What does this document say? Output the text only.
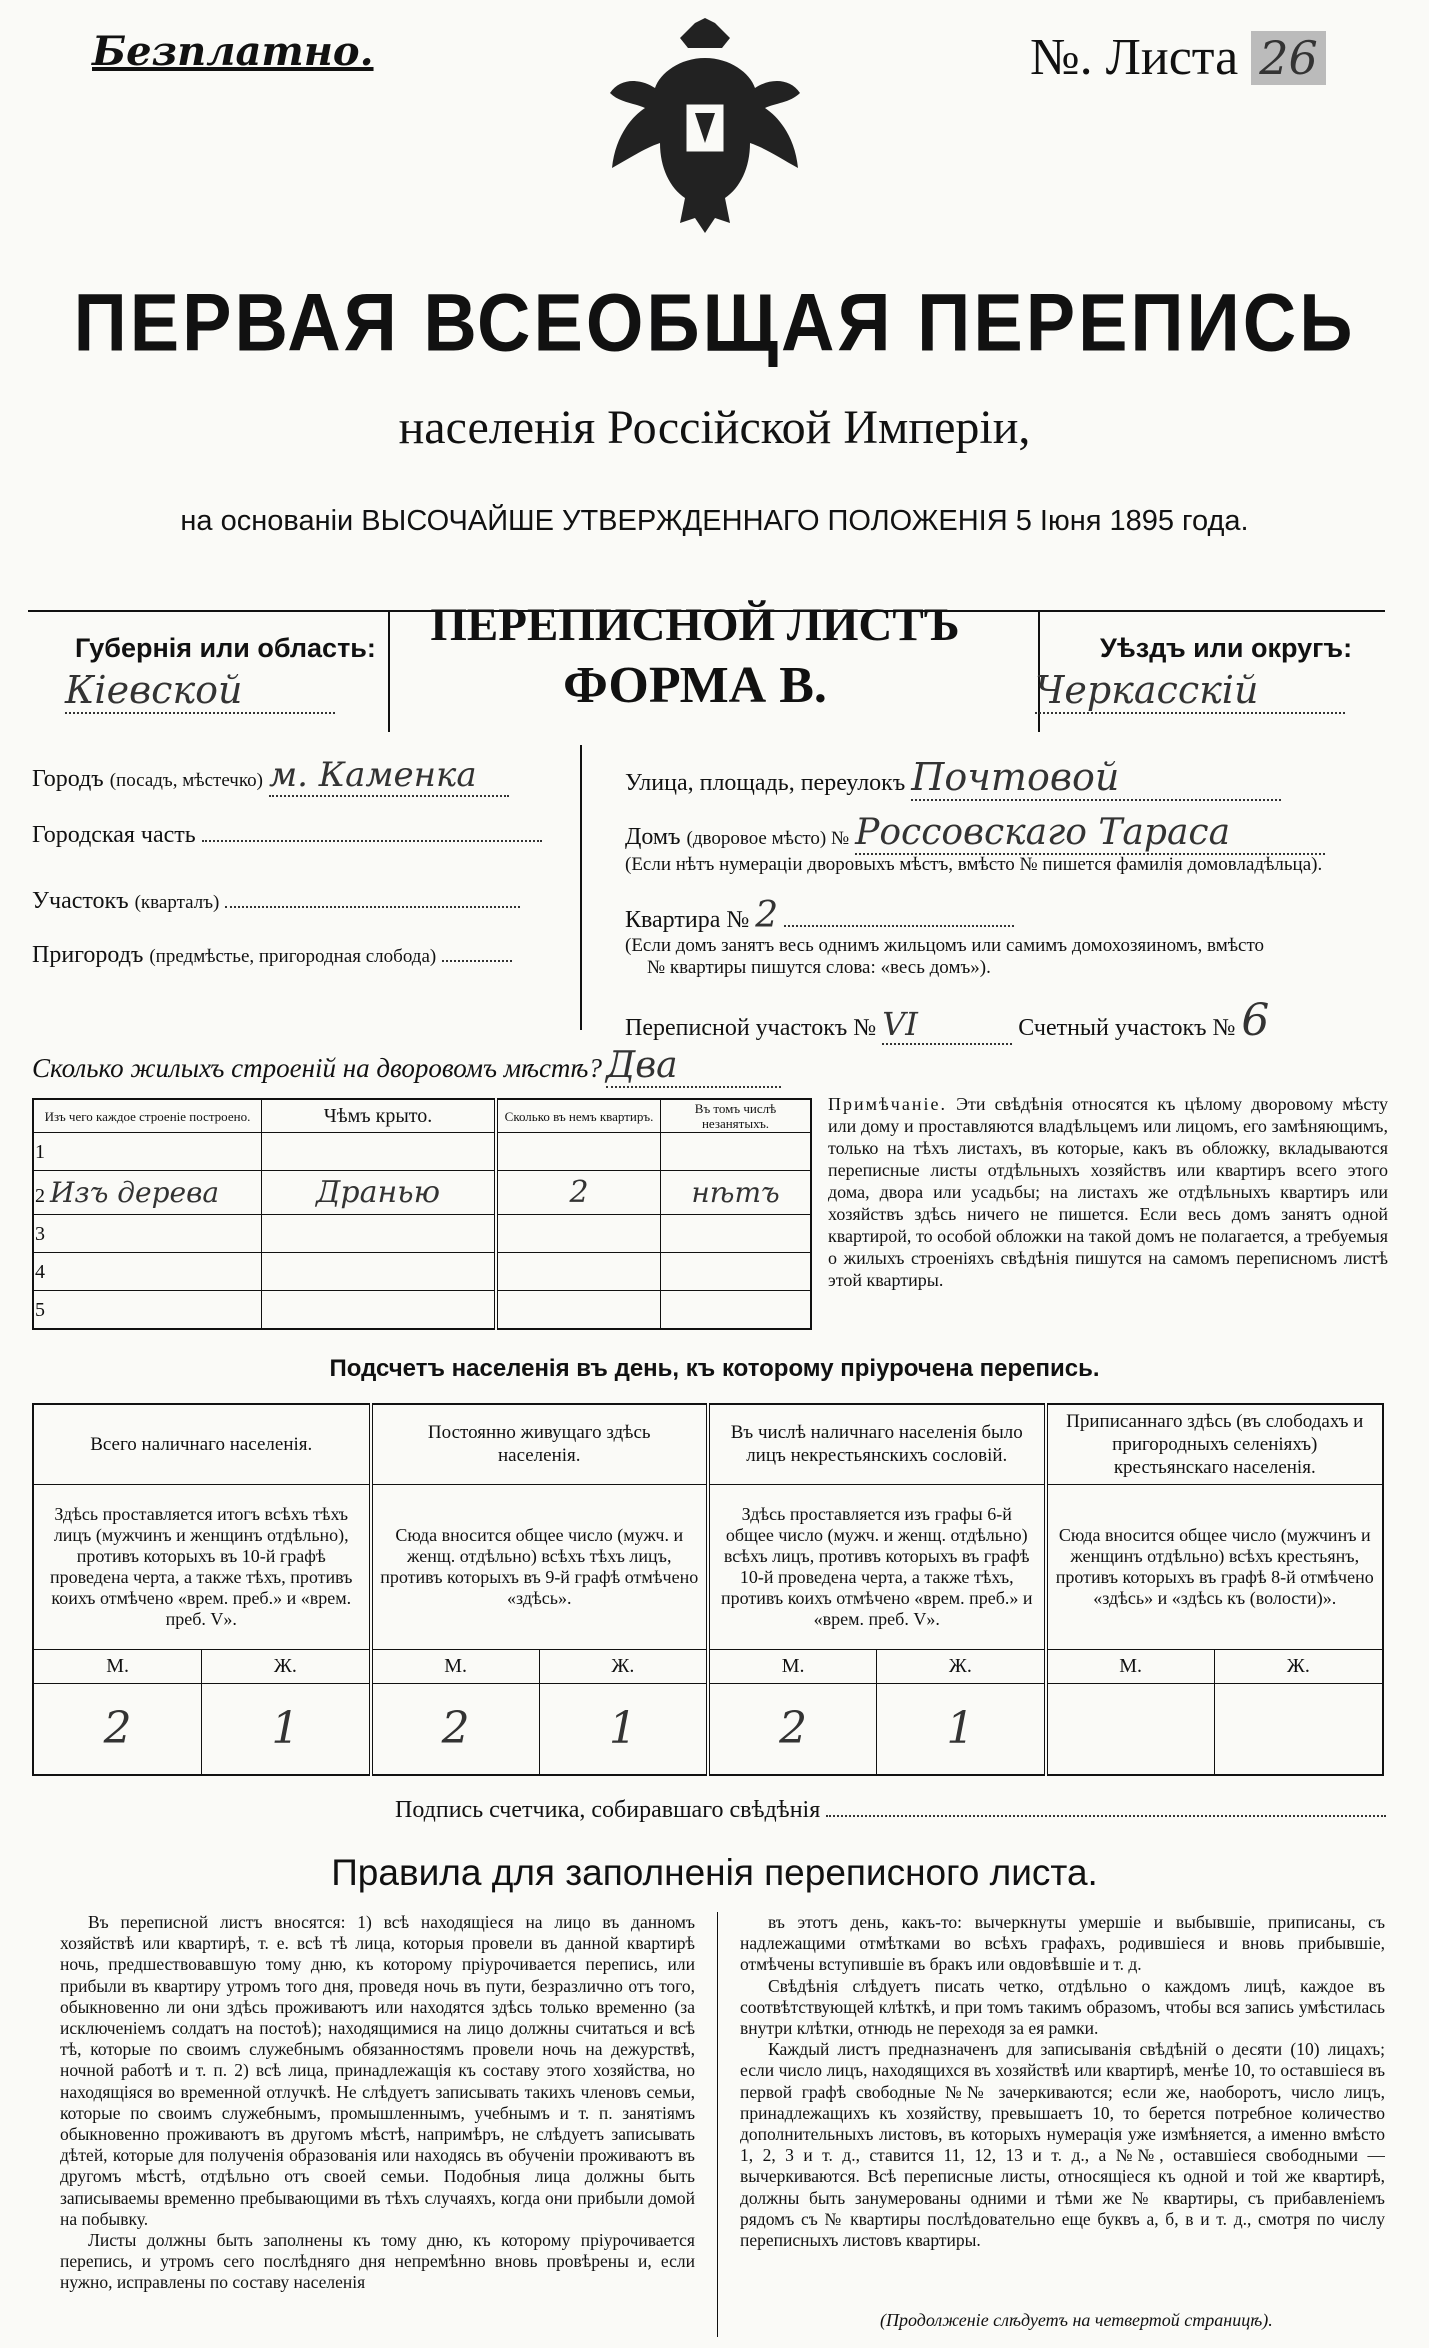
Безплатно.	№. Листа 26
ПЕРВАЯ ВСЕОБЩАЯ ПЕРЕПИСЬ
населенія Россійской Имперіи,
на основаніи ВЫСОЧАЙШЕ УТВЕРЖДЕННАГО ПОЛОЖЕНІЯ 5 Іюня 1895 года.
Губернія или область:
Кіевской
ПЕРЕПИСНОЙ ЛИСТЪ
ФОРМА В.
Уѣздъ или округъ:
Черкасскій
Городъ (посадъ, мѣстечко) м. Каменка
Городская часть
Участокъ (кварталъ)
Пригородъ (предмѣстье, пригородная слобода)
Улица, площадь, переулокъ Почтовой
Домъ (дворовое мѣсто) № Россовскаго Тараса
(Если нѣтъ нумераціи дворовыхъ мѣстъ, вмѣсто № пишется фамилія домовладѣльца).
Квартира № 2
(Если домъ занятъ весь однимъ жильцомъ или самимъ домохозяиномъ, вмѣсто
№ квартиры пишутся слова: «весь домъ»).
Переписной участокъ № VI	Счетный участокъ № 6
Сколько жилыхъ строеній на дворовомъ мѣстѣ? Два
Изъ чего каждое строеніе построено.	Чѣмъ крыто.	Сколько въ немъ квартиръ.	Въ томъ числѣ незанятыхъ.
1			
2 Изъ дерева	Дранью	2	нѣтъ
3			
4			
5			
Примѣчаніе. Эти свѣдѣнія относятся къ цѣлому дворовому мѣсту или дому и проставляются владѣльцемъ или лицомъ, его замѣняющимъ, только на тѣхъ листахъ, въ которые, какъ въ обложку, вкладываются переписные листы отдѣльныхъ хозяйствъ или квартиръ всего этого дома, двора или усадьбы; на листахъ же отдѣльныхъ квартиръ или хозяйствъ здѣсь ничего не пишется. Если весь домъ занятъ одной квартирой, то особой обложки на такой домъ не полагается, а требуемыя о жилыхъ строеніяхъ свѣдѣнія пишутся на самомъ переписномъ листѣ этой квартиры.
Подсчетъ населенія въ день, къ которому пріурочена перепись.
Всего наличнаго населенія.		Постоянно живущаго здѣсь населенія.		Въ числѣ наличнаго населенія было лицъ некрестьянскихъ сословій.		Приписаннаго здѣсь (въ слободахъ и пригородныхъ селеніяхъ) крестьянскаго населенія.	
Здѣсь проставляется итогъ всѣхъ тѣхъ лицъ (мужчинъ и женщинъ отдѣльно), противъ которыхъ въ 10-й графѣ проведена черта, а также тѣхъ, противъ коихъ отмѣчено «врем. преб.» и «врем. преб. V».		Сюда вносится общее число (мужч. и женщ. отдѣльно) всѣхъ тѣхъ лицъ, противъ которыхъ въ 9-й графѣ отмѣчено «здѣсь».		Здѣсь проставляется изъ графы 6-й общее число (мужч. и женщ. отдѣльно) всѣхъ лицъ, противъ которыхъ въ графѣ 10-й проведена черта, а также тѣхъ, противъ коихъ отмѣчено «врем. преб.» и «врем. преб. V».		Сюда вносится общее число (мужчинъ и женщинъ отдѣльно) всѣхъ крестьянъ, противъ которыхъ въ графѣ 8-й отмѣчено «здѣсь» и «здѣсь къ (волости)».	
М.	Ж.	М.	Ж.	М.	Ж.	М.	Ж.
2	1	2	1	2	1		
Подпись счетчика, собиравшаго свѣдѣнія
Правила для заполненія переписного листа.

Въ переписной листъ вносятся: 1) всѣ находящіеся на лицо въ данномъ хозяйствѣ или квартирѣ, т. е. всѣ тѣ лица, которыя провели въ данной квартирѣ ночь, предшествовавшую тому дню, къ которому пріурочивается перепись, или прибыли въ квартиру утромъ того дня, проведя ночь въ пути, безразлично отъ того, обыкновенно ли они здѣсь проживаютъ или находятся здѣсь только временно (за исключеніемъ солдатъ на постоѣ); находящимися на лицо должны считаться и всѣ тѣ, которые по своимъ служебнымъ обязанностямъ провели ночь на дежурствѣ, ночной работѣ и т. п. 2) всѣ лица, принадлежащія къ составу этого хозяйства, но находящіяся во временной отлучкѣ. Не слѣдуетъ записывать такихъ членовъ семьи, которые по своимъ служебнымъ, промышленнымъ, учебнымъ и т. п. занятіямъ обыкновенно проживаютъ въ другомъ мѣстѣ, напримѣръ, не слѣдуетъ записывать дѣтей, которые для полученія образованія или находясь въ обученіи проживаютъ въ другомъ мѣстѣ, отдѣльно отъ своей семьи. Подобныя лица должны быть записываемы временно пребывающими въ тѣхъ случаяхъ, когда они прибыли домой на побывку.

Листы должны быть заполнены къ тому дню, къ которому пріурочивается перепись, и утромъ сего послѣдняго дня непремѣнно вновь провѣрены и, если нужно, исправлены по составу населенія

въ этотъ день, какъ-то: вычеркнуты умершіе и выбывшіе, приписаны, съ надлежащими отмѣтками во всѣхъ графахъ, родившіеся и вновь прибывшіе, отмѣчены вступившіе въ бракъ или овдовѣвшіе и т. д.

Свѣдѣнія слѣдуетъ писать четко, отдѣльно о каждомъ лицѣ, каждое въ соотвѣтствующей клѣткѣ, и при томъ такимъ образомъ, чтобы вся запись умѣстилась внутри клѣтки, отнюдь не переходя за ея рамки.

Каждый листъ предназначенъ для записыванія свѣдѣній о десяти (10) лицахъ; если число лицъ, находящихся въ хозяйствѣ или квартирѣ, менѣе 10, то оставшіеся въ первой графѣ свободные №№ зачеркиваются; если же, наоборотъ, число лицъ, принадлежащихъ къ хозяйству, превышаетъ 10, то берется потребное количество дополнительныхъ листовъ, въ которыхъ нумерація уже измѣняется, а именно вмѣсто 1, 2, 3 и т. д., ставится 11, 12, 13 и т. д., а №№, оставшіеся свободными — вычеркиваются. Всѣ переписные листы, относящіеся къ одной и той же квартирѣ, должны быть занумерованы одними и тѣми же № квартиры, съ прибавленіемъ рядомъ съ № квартиры послѣдовательно еще буквъ а, б, в и т. д., смотря по числу переписныхъ листовъ квартиры.

(Продолженіе слѣдуетъ на четвертой страницѣ).
